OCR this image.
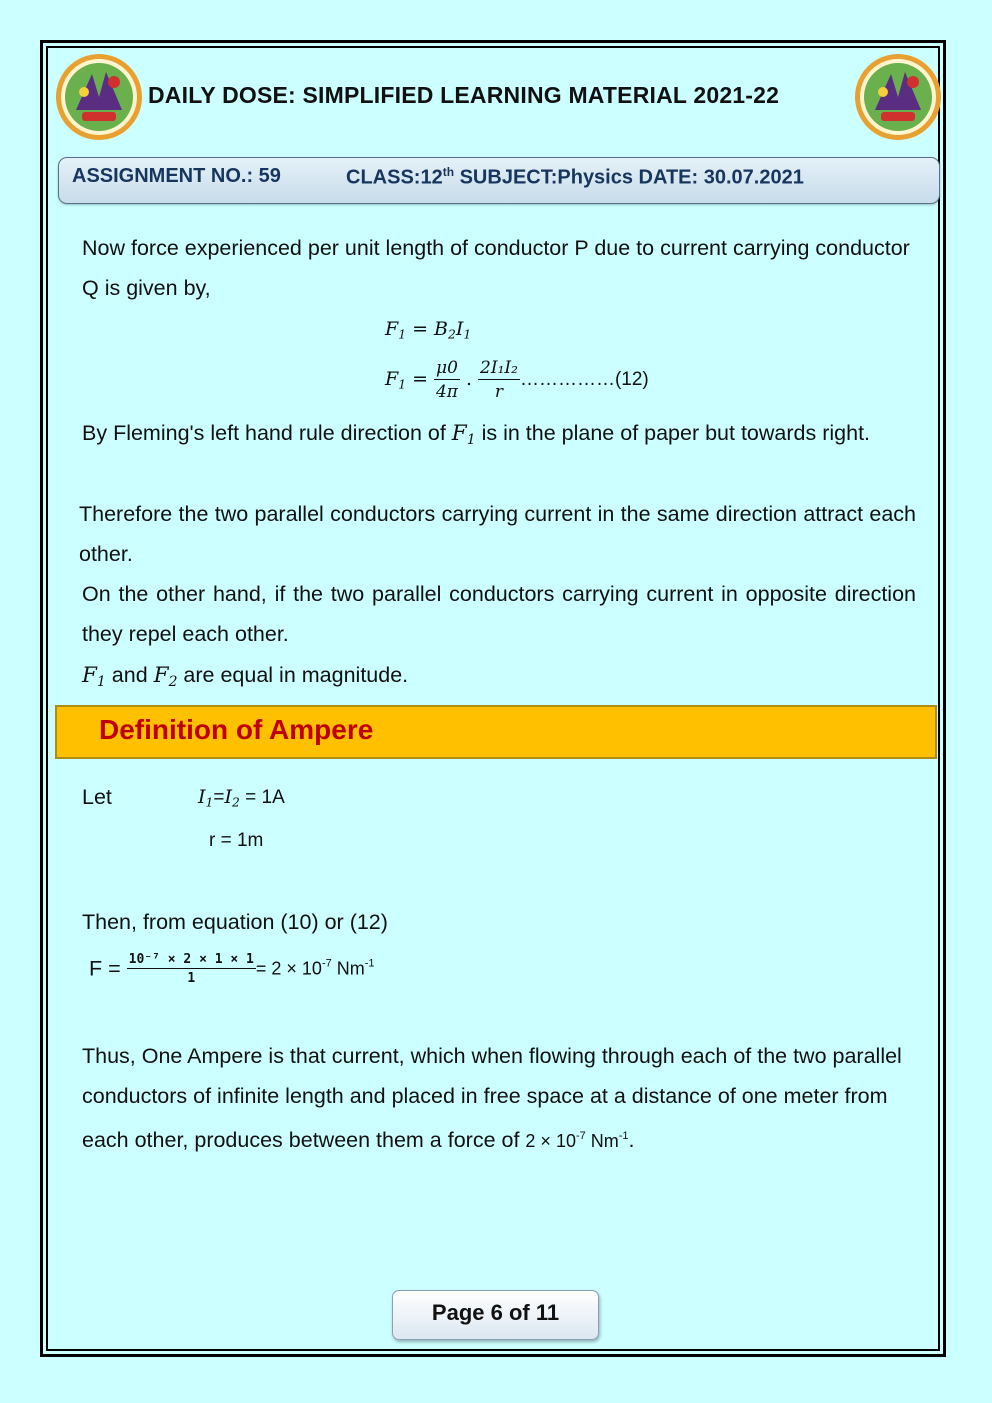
DAILY DOSE: SIMPLIFIED LEARNING MATERIAL 2021-22
ASSIGNMENT NO.: 59	CLASS:12th SUBJECT:Physics DATE: 30.07.2021
Now force experienced per unit length of conductor P due to current carrying conductor Q is given by,
$F_1 = B_2I_1$
$F_1 = \frac{\mu 0}{4\pi}$ . $\frac{\text{2I₁I₂}}{r}$ ……………(12)
By Fleming's left hand rule direction of $F_1$ is in the plane of paper but towards right.
Therefore the two parallel conductors carrying current in the same direction attract each other.
On the other hand, if the two parallel conductors carrying current in opposite direction they repel each other.
$F_1$ and $F_2$ are equal in magnitude.
Definition of Ampere
Let	$I_1=I_2 = 1A$
r = 1m
Then, from equation (10) or (12)
$F = \frac{\text{10⁻⁷ × 2 × 1 × 1}}{1} = 2 \times 10^{-7}$ $Nm^{-1}$
Thus, One Ampere is that current, which when flowing through each of the two parallel conductors of infinite length and placed in free space at a distance of one meter from each other, produces between them a force of $2 \times 10^{-7}$ $Nm^{-1}$.
Page 6 of 11
